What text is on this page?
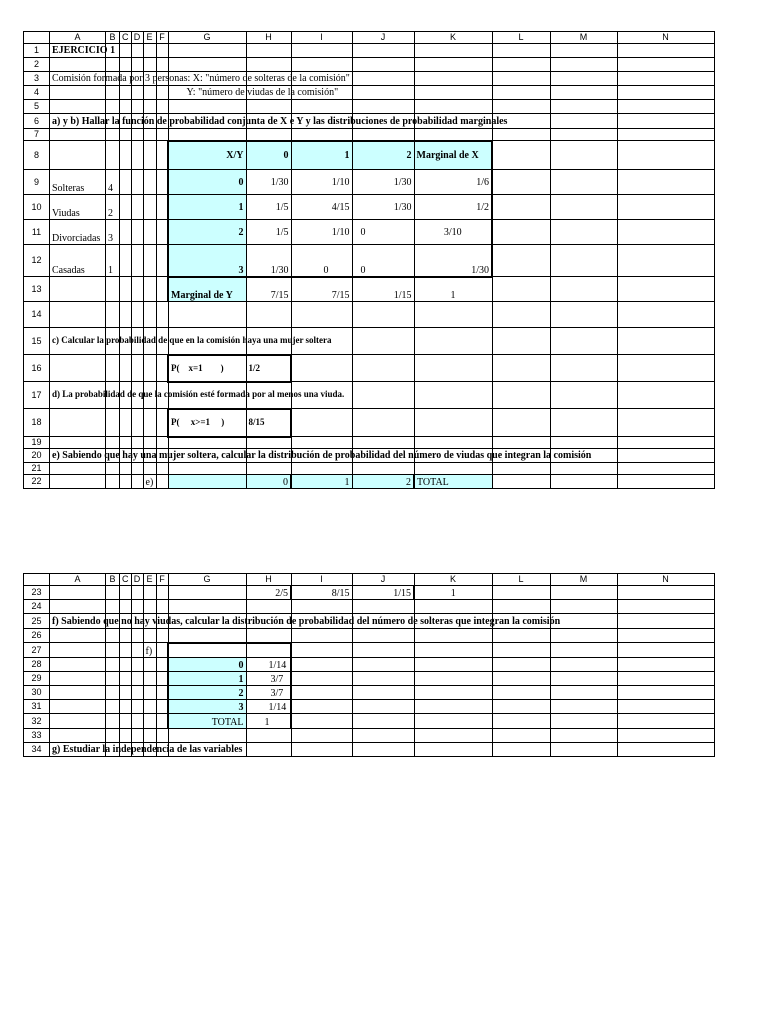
	A	B	C	D	E	F	G	H	I	J	K	L	M	N
1	EJERCICIO 1													

2														
3	Comisión formada por 3 personas: X: "número de solteras de la comisión"													

4							Y: "número de viudas de la comisión"							

5														
6	a) y b) Hallar la función de probabilidad conjunta de X e Y y las distribuciones de probabilidad marginales													

7														
8							X/Y	0	1	2	Marginal de X			
9	Solteras	4					0	1/30	1/10	1/30	1/6			
10	Viudas	2					1	1/5	4/15	1/30	1/2			
11	Divorciadas	3					2	1/5	1/10	0	3/10			
12	Casadas	1					3	1/30	0	0	1/30			
13							Marginal de Y	7/15	7/15	1/15	1			
14														
15	c) Calcular la probabilidad de que en la comisión haya una mujer soltera													

16							P(    x=1        )	1/2						
17	d) La probabilidad de que la comisión esté formada por al menos una viuda.													

18							P(     x>=1     )	8/15						
19														
20	e) Sabiendo que hay una mujer soltera, calcular la distribución de probabilidad del número de viudas que integran la comisión													

21														
22					e)			0	1	2	TOTAL			
	A	B	C	D	E	F	G	H	I	J	K	L	M	N
23								2/5	8/15	1/15	1			
24														
25	f) Sabiendo que no hay viudas, calcular la distribución de probabilidad del número de solteras que integran la comisión													

26														
27					f)									
28							0	1/14						
29							1	3/7						
30							2	3/7						
31							3	1/14						
32							TOTAL	1						
33														
34	g) Estudiar la independencia de las variables													
